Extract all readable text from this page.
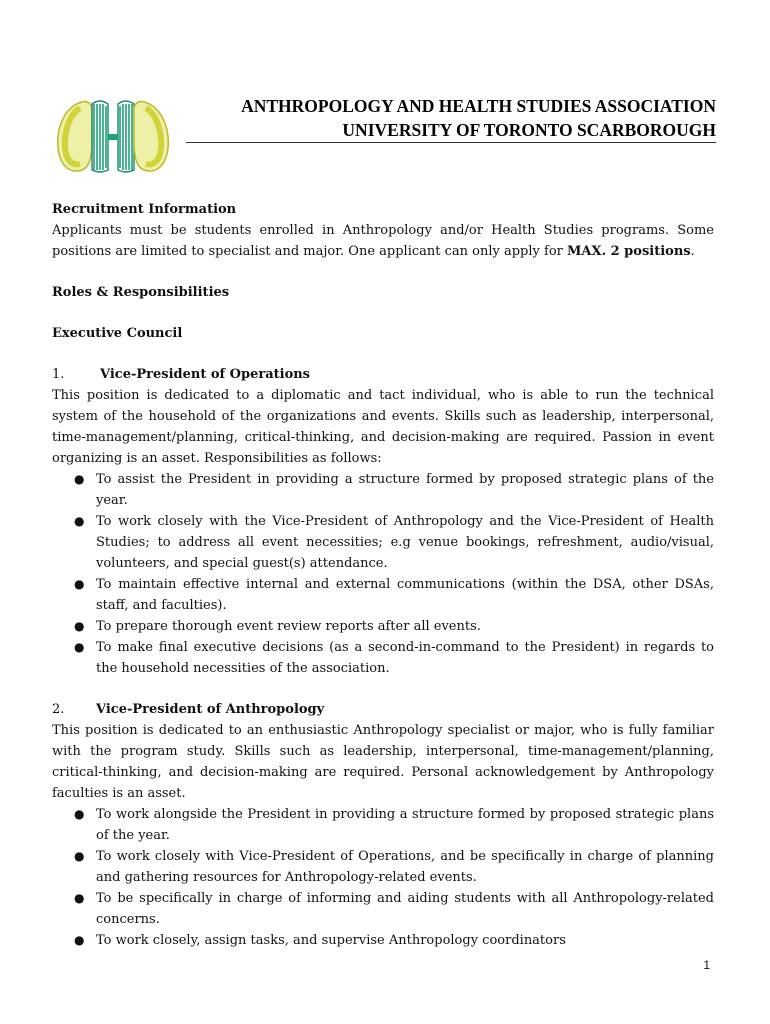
ANTHROPOLOGY AND HEALTH STUDIES ASSOCIATION
UNIVERSITY OF TORONTO SCARBOROUGH
Recruitment Information
Applicants must be students enrolled in Anthropology and/or Health Studies programs. Some
positions are limited to specialist and major. One applicant can only apply for MAX. 2 positions.
Roles & Responsibilities
Executive Council
1.	Vice-President of Operations
This position is dedicated to a diplomatic and tact individual, who is able to run the technical system of the household of the organizations and events. Skills such as leadership, interpersonal, time-management/planning, critical-thinking, and decision-making are required. Passion in event organizing is an asset. Responsibilities as follows:
● To assist the President in providing a structure formed by proposed strategic plans of the year.
● To work closely with the Vice-President of Anthropology and the Vice-President of Health Studies; to address all event necessities; e.g venue bookings, refreshment, audio/visual, volunteers, and special guest(s) attendance.
● To maintain effective internal and external communications (within the DSA, other DSAs, staff, and faculties).
● To prepare thorough event review reports after all events.
● To make final executive decisions (as a second-in-command to the President) in regards to the household necessities of the association.
2.	Vice-President of Anthropology
This position is dedicated to an enthusiastic Anthropology specialist or major, who is fully familiar with the program study. Skills such as leadership, interpersonal, time-management/planning, critical-thinking, and decision-making are required. Personal acknowledgement by Anthropology faculties is an asset.
● To work alongside the President in providing a structure formed by proposed strategic plans of the year.
● To work closely with Vice-President of Operations, and be specifically in charge of planning and gathering resources for Anthropology-related events.
● To be specifically in charge of informing and aiding students with all Anthropology-related concerns.
● To work closely, assign tasks, and supervise Anthropology coordinators
1
